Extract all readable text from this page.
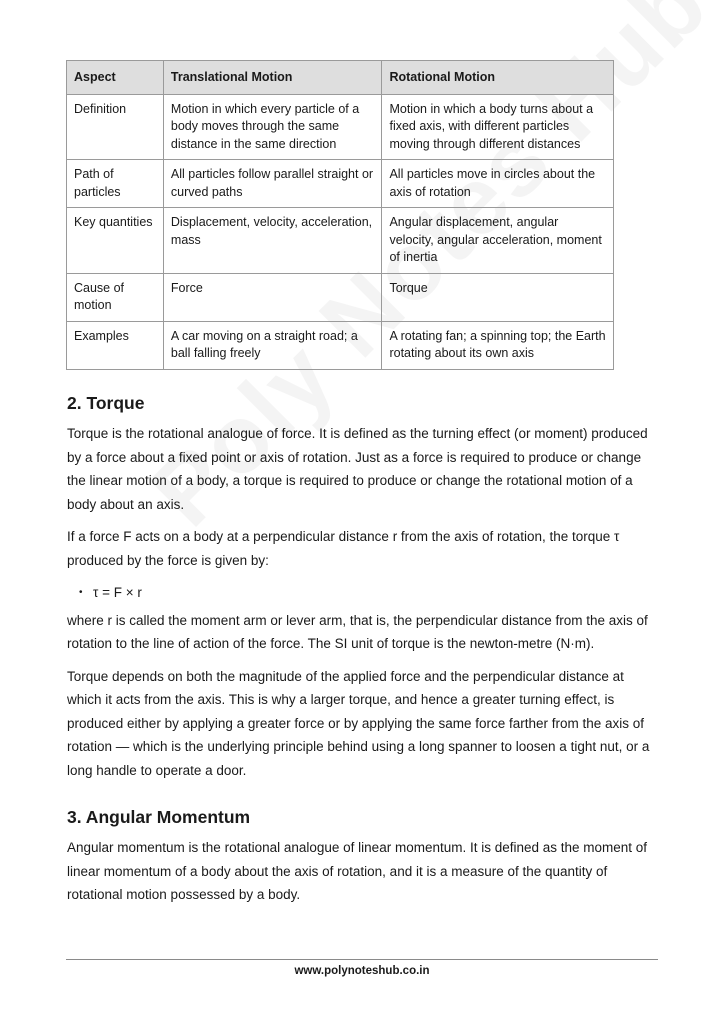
Aspect	Translational Motion	Rotational Motion
Definition	Motion in which every particle of a body moves through the same distance in the same direction	Motion in which a body turns about a fixed axis, with different particles moving through different distances
Path of particles	All particles follow parallel straight or curved paths	All particles move in circles about the axis of rotation
Key quantities	Displacement, velocity, acceleration, mass	Angular displacement, angular velocity, angular acceleration, moment of inertia
Cause of motion	Force	Torque
Examples	A car moving on a straight road; a ball falling freely	A rotating fan; a spinning top; the Earth rotating about its own axis
2. Torque

Torque is the rotational analogue of force. It is defined as the turning effect (or moment) produced by a force about a fixed point or axis of rotation. Just as a force is required to produce or change the linear motion of a body, a torque is required to produce or change the rotational motion of a body about an axis.

If a force F acts on a body at a perpendicular distance r from the axis of rotation, the torque τ produced by the force is given by:

• τ = F × r

where r is called the moment arm or lever arm, that is, the perpendicular distance from the axis of rotation to the line of action of the force. The SI unit of torque is the newton-metre (N·m).

Torque depends on both the magnitude of the applied force and the perpendicular distance at which it acts from the axis. This is why a larger torque, and hence a greater turning effect, is produced either by applying a greater force or by applying the same force farther from the axis of rotation — which is the underlying principle behind using a long spanner to loosen a tight nut, or a long handle to operate a door.

3. Angular Momentum

Angular momentum is the rotational analogue of linear momentum. It is defined as the moment of linear momentum of a body about the axis of rotation, and it is a measure of the quantity of rotational motion possessed by a body.

www.polynoteshub.co.in
